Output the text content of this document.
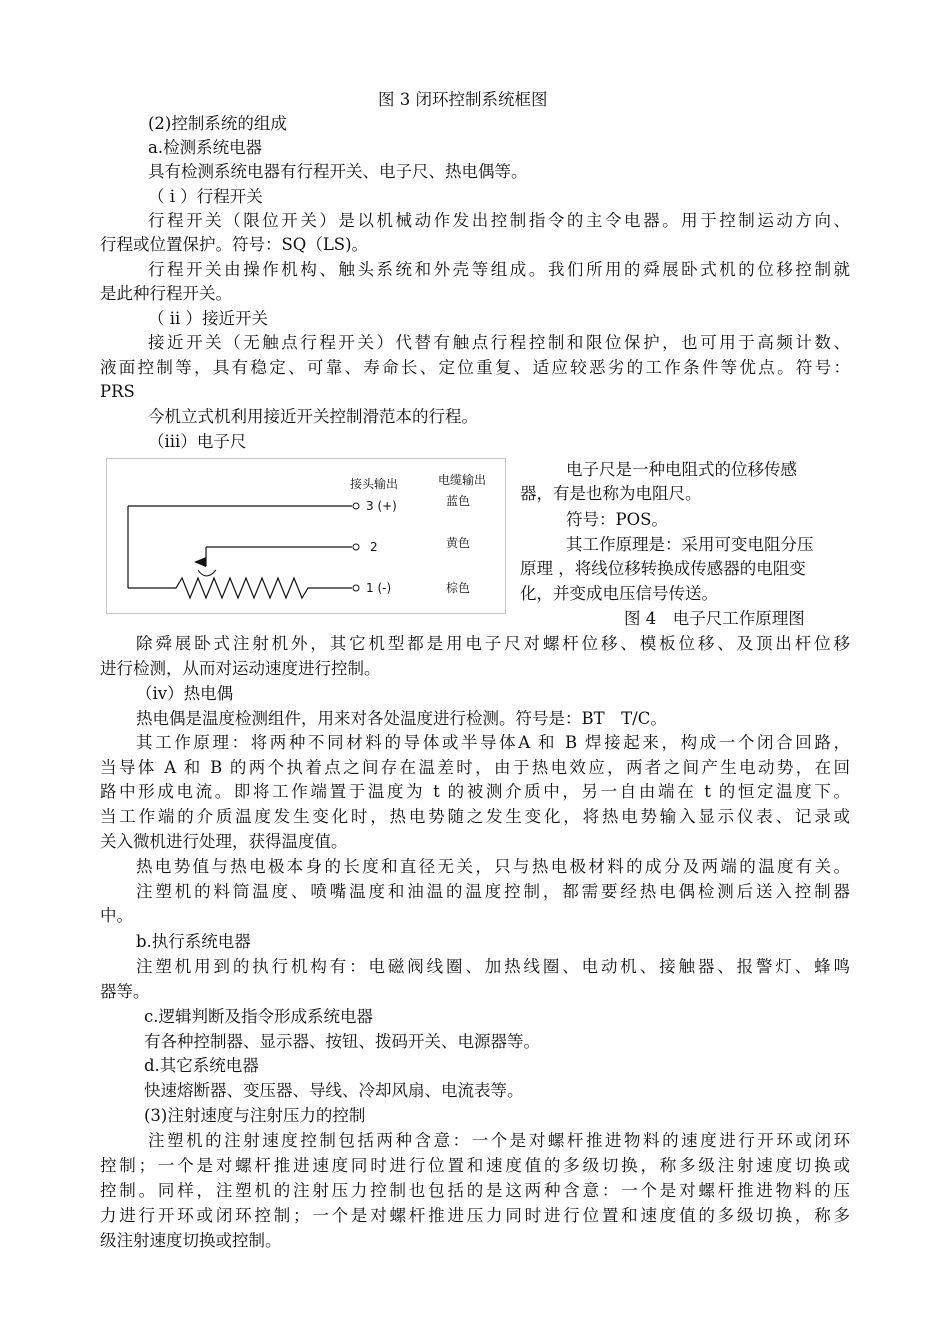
图 3 闭环控制系统框图
(2)控制系统的组成
a.检测系统电器
具有检测系统电器有行程开关、电子尺、热电偶等。
（ i ）行程开关
行程开关（限位开关）是以机械动作发出控制指令的主令电器。用于控制运动方向、
行程或位置保护。符号：SQ（LS)。
行程开关由操作机构、触头系统和外壳等组成。我们所用的舜展卧式机的位移控制就
是此种行程开关。
（ ii ）接近开关
接近开关（无触点行程开关）代替有触点行程控制和限位保护，也可用于高频计数、
液面控制等，具有稳定、可靠、寿命长、定位重复、适应较恶劣的工作条件等优点。符号：
PRS
今机立式机利用接近开关控制滑范本的行程。
（iii）电子尺
接头输出	电缆输出
3 (+)	蓝色
2	黄色
1 (-)	棕色
电子尺是一种电阻式的位移传感
器，有是也称为电阻尺。
符号：POS。
其工作原理是：采用可变电阻分压
原理 ，将线位移转换成传感器的电阻变
化，并变成电压信号传送。
图 4　电子尺工作原理图
除舜展卧式注射机外，其它机型都是用电子尺对螺杆位移、模板位移、及顶出杆位移
进行检测，从而对运动速度进行控制。
（iv）热电偶
热电偶是温度检测组件，用来对各处温度进行检测。符号是：BT　T/C。
其工作原理：将两种不同材料的导体或半导体A 和 B 焊接起来，构成一个闭合回路，
当导体 A 和 B 的两个执着点之间存在温差时，由于热电效应，两者之间产生电动势，在回
路中形成电流。即将工作端置于温度为 t 的被测介质中，另一自由端在 t 的恒定温度下。
当工作端的介质温度发生变化时，热电势随之发生变化，将热电势输入显示仪表、记录或
关入微机进行处理，获得温度值。
热电势值与热电极本身的长度和直径无关，只与热电极材料的成分及两端的温度有关。
注塑机的料筒温度、喷嘴温度和油温的温度控制，都需要经热电偶检测后送入控制器
中。
b.执行系统电器
注塑机用到的执行机构有：电磁阀线圈、加热线圈、电动机、接触器、报警灯、蜂鸣
器等。
c.逻辑判断及指令形成系统电器
有各种控制器、显示器、按钮、拨码开关、电源器等。
d.其它系统电器
快速熔断器、变压器、导线、冷却风扇、电流表等。
(3)注射速度与注射压力的控制
注塑机的注射速度控制包括两种含意：一个是对螺杆推进物料的速度进行开环或闭环
控制；一个是对螺杆推进速度同时进行位置和速度值的多级切换，称多级注射速度切换或
控制。同样，注塑机的注射压力控制也包括的是这两种含意：一个是对螺杆推进物料的压
力进行开环或闭环控制；一个是对螺杆推进压力同时进行位置和速度值的多级切换，称多
级注射速度切换或控制。
